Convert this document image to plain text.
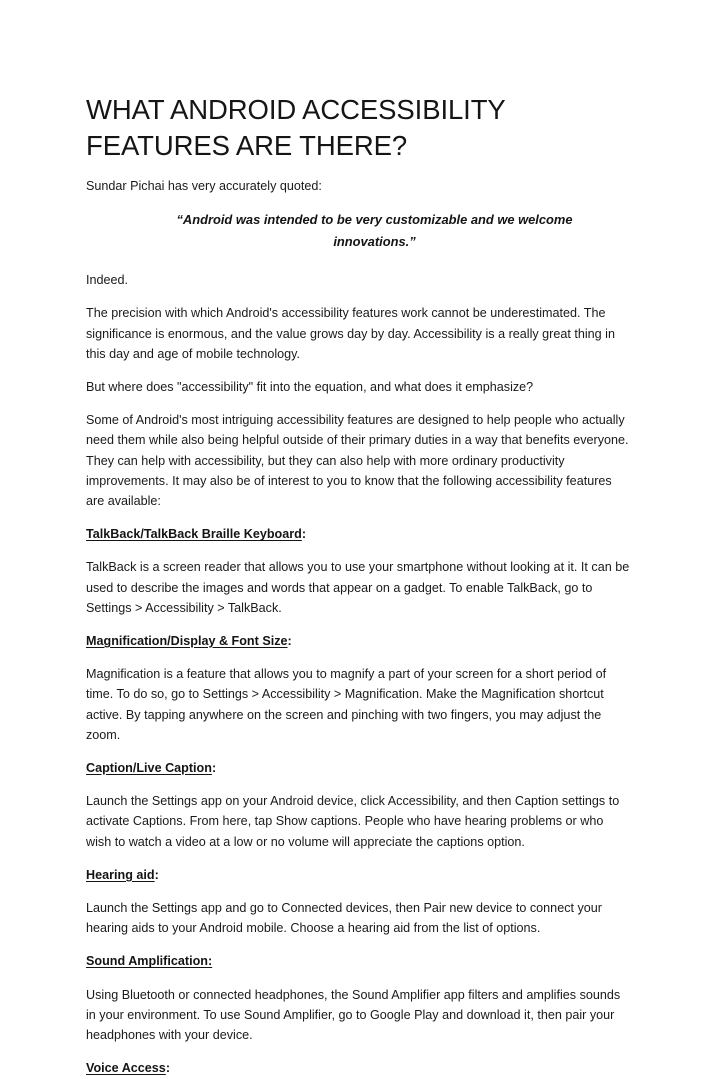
WHAT ANDROID ACCESSIBILITY FEATURES ARE THERE?

Sundar Pichai has very accurately quoted:

“Android was intended to be very customizable and we welcome innovations.”

Indeed.

The precision with which Android's accessibility features work cannot be underestimated. The significance is enormous, and the value grows day by day. Accessibility is a really great thing in this day and age of mobile technology.

But where does "accessibility" fit into the equation, and what does it emphasize?

Some of Android's most intriguing accessibility features are designed to help people who actually need them while also being helpful outside of their primary duties in a way that benefits everyone. They can help with accessibility, but they can also help with more ordinary productivity improvements. It may also be of interest to you to know that the following accessibility features are available:

TalkBack/TalkBack Braille Keyboard:

TalkBack is a screen reader that allows you to use your smartphone without looking at it. It can be used to describe the images and words that appear on a gadget. To enable TalkBack, go to Settings > Accessibility > TalkBack.

Magnification/Display & Font Size:

Magnification is a feature that allows you to magnify a part of your screen for a short period of time. To do so, go to Settings > Accessibility > Magnification. Make the Magnification shortcut active. By tapping anywhere on the screen and pinching with two fingers, you may adjust the zoom.

Caption/Live Caption:

Launch the Settings app on your Android device, click Accessibility, and then Caption settings to activate Captions. From here, tap Show captions. People who have hearing problems or who wish to watch a video at a low or no volume will appreciate the captions option.

Hearing aid:

Launch the Settings app and go to Connected devices, then Pair new device to connect your hearing aids to your Android mobile. Choose a hearing aid from the list of options.

Sound Amplification:

Using Bluetooth or connected headphones, the Sound Amplifier app filters and amplifies sounds in your environment. To use Sound Amplifier, go to Google Play and download it, then pair your headphones with your device.

Voice Access:
